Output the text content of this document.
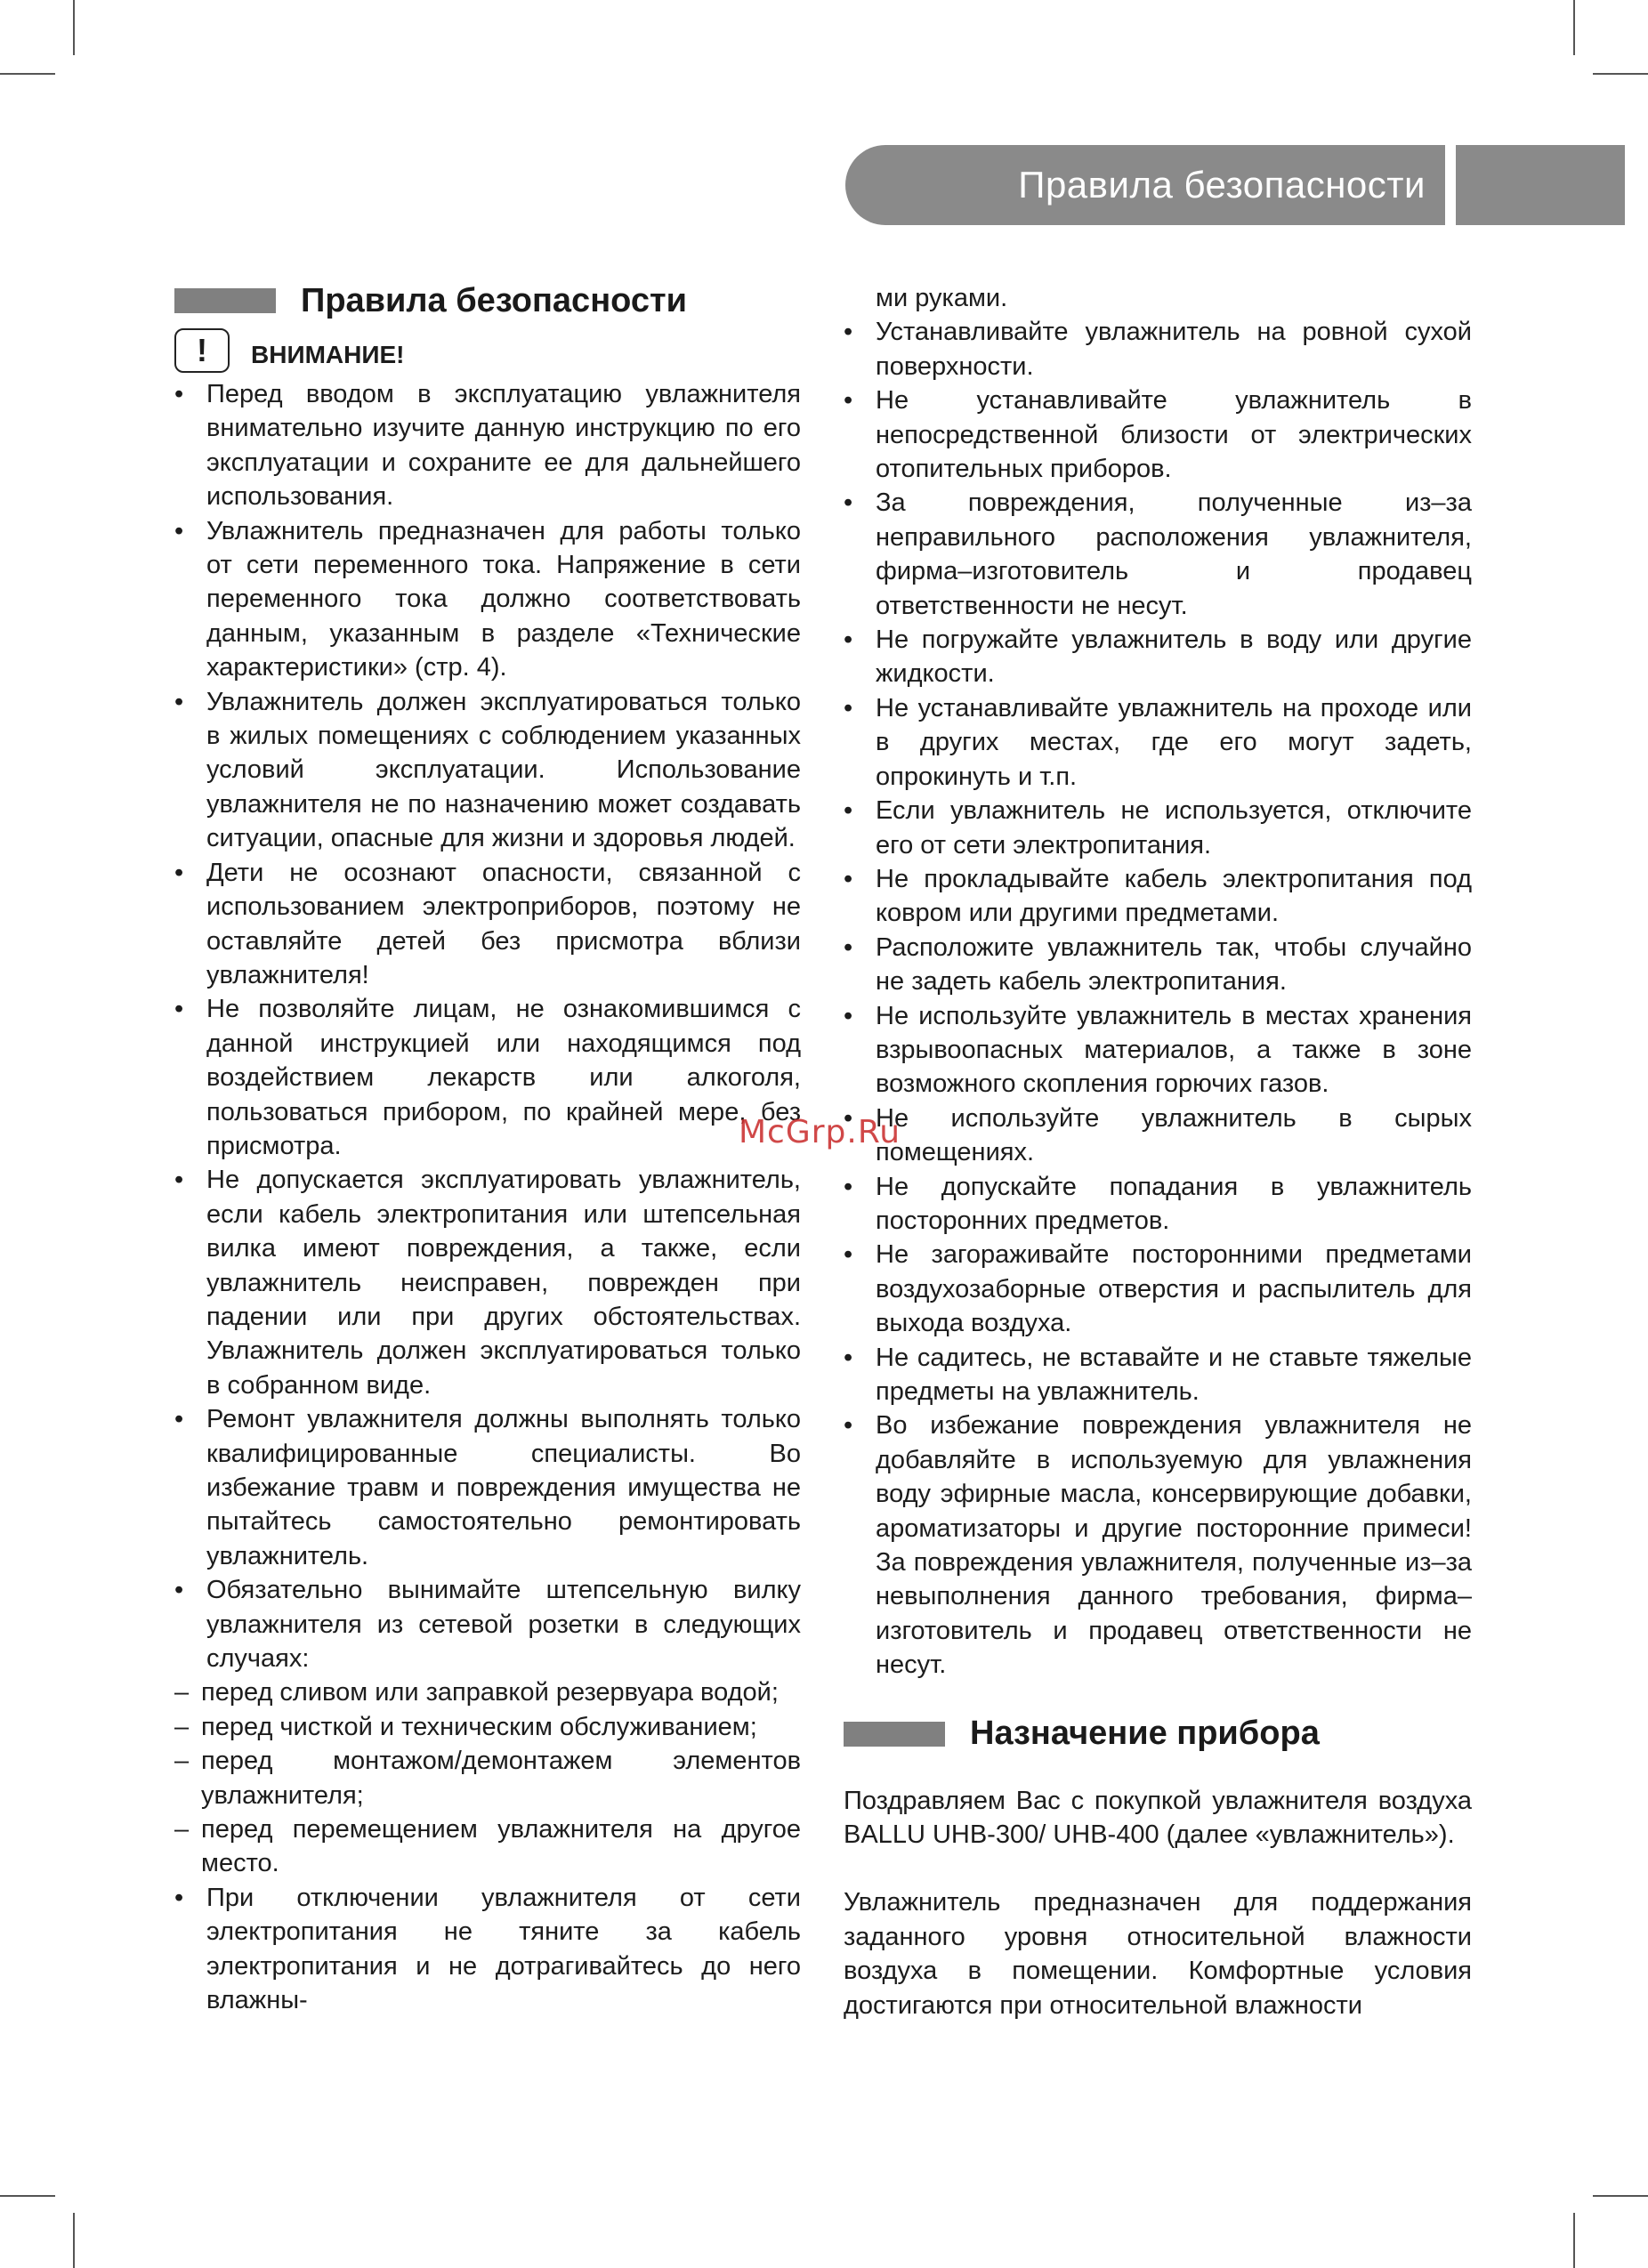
Правила безопасности
Правила безопасности
!	ВНИМАНИЕ!
• Перед вводом в эксплуатацию увлажнителя внимательно изучите данную инструкцию по его эксплуатации и сохраните ее для дальнейшего использования.
• Увлажнитель предназначен для работы только от сети переменного тока. Напряжение в сети переменного тока должно соответствовать данным, указанным в разделе «Технические характеристики» (стр. 4).
• Увлажнитель должен эксплуатироваться только в жилых помещениях с соблюдением указанных условий эксплуатации. Использование увлажнителя не по назначению может создавать ситуации, опасные для жизни и здоровья людей.
• Дети не осознают опасности, связанной с использованием электроприборов, поэтому не оставляйте детей без присмотра вблизи увлажнителя!
• Не позволяйте лицам, не ознакомившимся с данной инструкцией или находящимся под воздействием лекарств или алкоголя, пользоваться прибором, по крайней мере, без присмотра.
• Не допускается эксплуатировать увлажнитель, если кабель электропитания или штепсельная вилка имеют повреждения, а также, если увлажнитель неисправен, поврежден при падении или при других обстоятельствах. Увлажнитель должен эксплуатироваться только в собранном виде.
• Ремонт увлажнителя должны выполнять только квалифицированные специалисты. Во избежание травм и повреждения имущества не пытайтесь самостоятельно ремонтировать увлажнитель.
• Обязательно вынимайте штепсельную вилку увлажнителя из сетевой розетки в следующих случаях:
– перед сливом или заправкой резервуара водой;
– перед чисткой и техническим обслуживанием;
– перед монтажом/демонтажем элементов увлажнителя;
– перед перемещением увлажнителя на другое место.
• При отключении увлажнителя от сети электропитания не тяните за кабель электропитания и не дотрагивайтесь до него влажны-
ми руками.
• Устанавливайте увлажнитель на ровной сухой поверхности.
• Не устанавливайте увлажнитель в непосредственной близости от электрических отопительных приборов.
• За повреждения, полученные из–за неправильного расположения увлажнителя, фирма–изготовитель и продавец ответственности не несут.
• Не погружайте увлажнитель в воду или другие жидкости.
• Не устанавливайте увлажнитель на проходе или в других местах, где его могут задеть, опрокинуть и т.п.
• Если увлажнитель не используется, отключите его от сети электропитания.
• Не прокладывайте кабель электропитания под ковром или другими предметами.
• Расположите увлажнитель так, чтобы случайно не задеть кабель электропитания.
• Не используйте увлажнитель в местах хранения взрывоопасных материалов, а также в зоне возможного скопления горючих газов.
• Не используйте увлажнитель в сырых помещениях.
• Не допускайте попадания в увлажнитель посторонних предметов.
• Не загораживайте посторонними предметами воздухозаборные отверстия и распылитель для выхода воздуха.
• Не садитесь, не вставайте и не ставьте тяжелые предметы на увлажнитель.
• Во избежание повреждения увлажнителя не добавляйте в используемую для увлажнения воду эфирные масла, консервирующие добавки, ароматизаторы и другие посторонние примеси! За повреждения увлажнителя, полученные из–за невыполнения данного требования, фирма–изготовитель и продавец ответственности не несут.
Назначение прибора

Поздравляем Вас с покупкой увлажнителя воздуха BALLU UHB-300/ UHB-400 (далее «увлажнитель»).

Увлажнитель предназначен для поддержания заданного уровня относительной влажности воздуха в помещении. Комфортные условия достигаются при относительной влажности

McGrp.Ru
